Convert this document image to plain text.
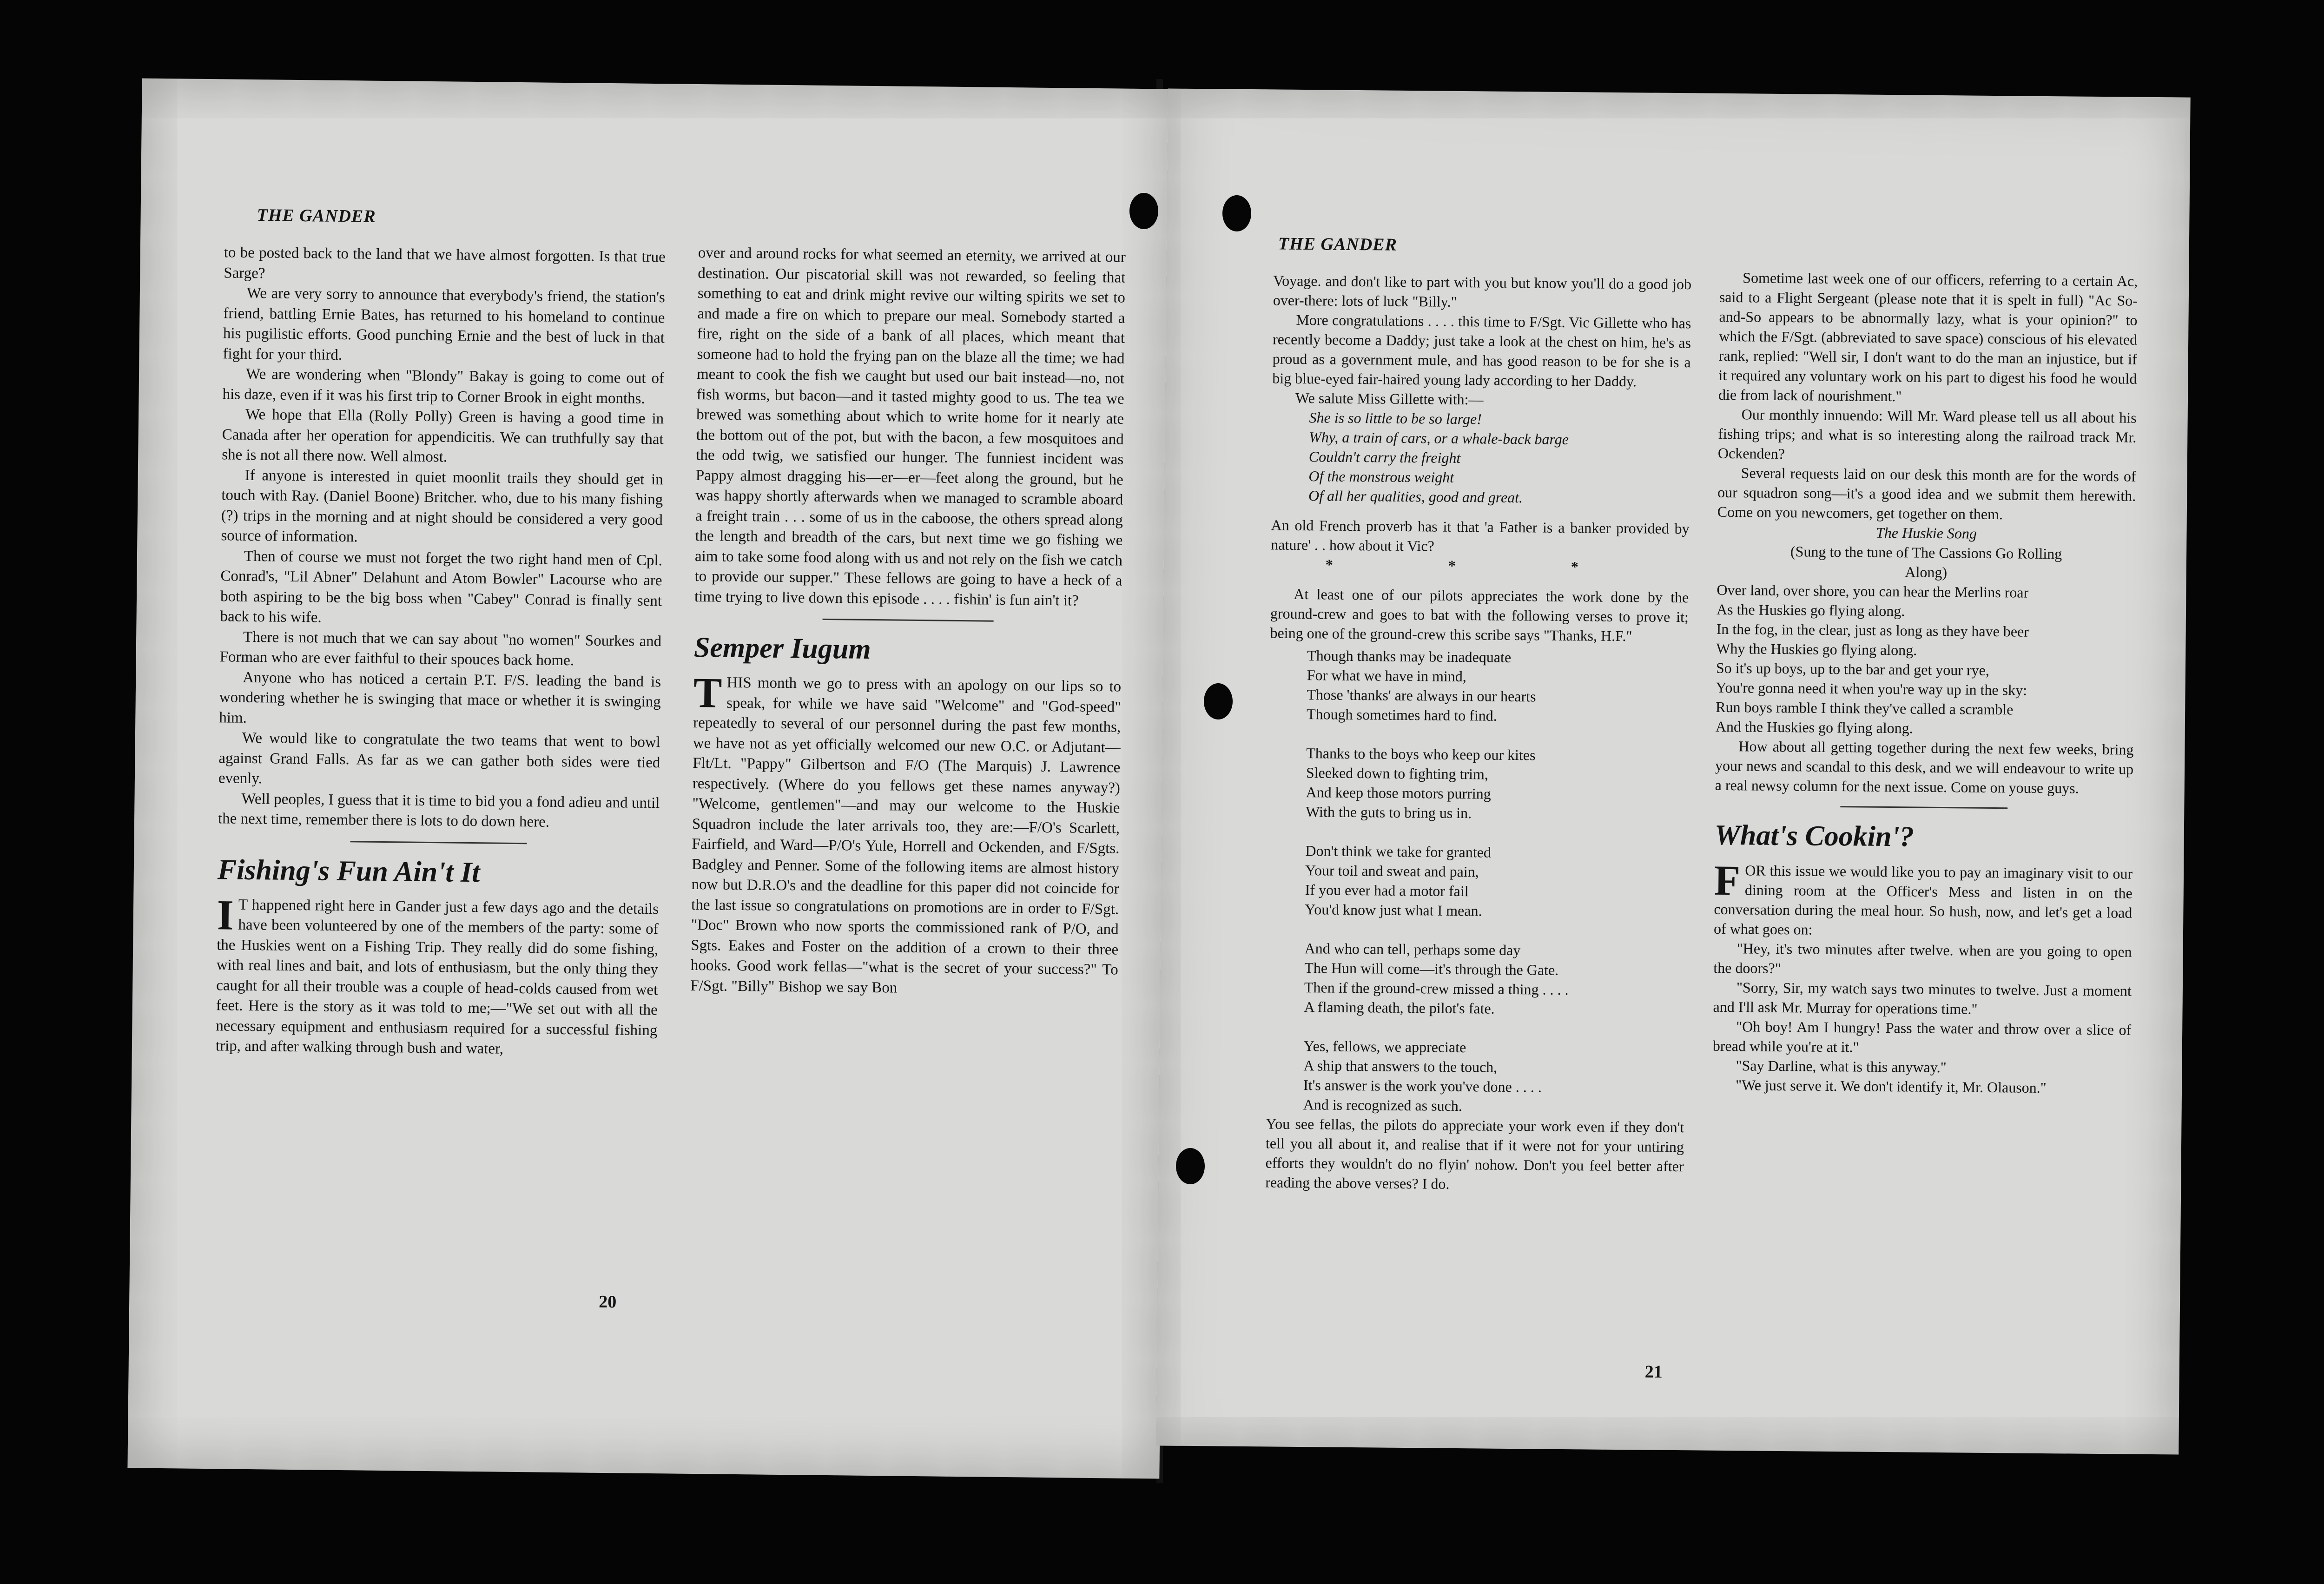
THE GANDER

to be posted back to the land that we have almost forgotten. Is that true Sarge?

We are very sorry to announce that everybody's friend, the station's friend, battling Ernie Bates, has returned to his homeland to continue his pugilistic efforts. Good punching Ernie and the best of luck in that fight for your third.

We are wondering when "Blondy" Bakay is going to come out of his daze, even if it was his first trip to Corner Brook in eight months.

We hope that Ella (Rolly Polly) Green is having a good time in Canada after her operation for appendicitis. We can truthfully say that she is not all there now. Well almost.

If anyone is interested in quiet moonlit trails they should get in touch with Ray. (Daniel Boone) Britcher. who, due to his many fishing (?) trips in the morning and at night should be considered a very good source of information.

Then of course we must not forget the two right hand men of Cpl. Conrad's, "Lil Abner" Delahunt and Atom Bowler" Lacourse who are both aspiring to be the big boss when "Cabey" Conrad is finally sent back to his wife.

There is not much that we can say about "no women" Sourkes and Forman who are ever faithful to their spouces back home.

Anyone who has noticed a certain P.T. F/S. leading the band is wondering whether he is swinging that mace or whether it is swinging him.

We would like to congratulate the two teams that went to bowl against Grand Falls. As far as we can gather both sides were tied evenly.

Well peoples, I guess that it is time to bid you a fond adieu and until the next time, remember there is lots to do down here.

Fishing's Fun Ain't It

I T happened right here in Gander just a few days ago and the details have been volunteered by one of the members of the party: some of the Huskies went on a Fishing Trip. They really did do some fishing, with real lines and bait, and lots of enthusiasm, but the only thing they caught for all their trouble was a couple of head-colds caused from wet feet. Here is the story as it was told to me;—"We set out with all the necessary equipment and enthusiasm required for a successful fishing trip, and after walking through bush and water,

over and around rocks for what seemed an eternity, we arrived at our destination. Our piscatorial skill was not rewarded, so feeling that something to eat and drink might revive our wilting spirits we set to and made a fire on which to prepare our meal. Somebody started a fire, right on the side of a bank of all places, which meant that someone had to hold the frying pan on the blaze all the time; we had meant to cook the fish we caught but used our bait instead—no, not fish worms, but bacon—and it tasted mighty good to us. The tea we brewed was something about which to write home for it nearly ate the bottom out of the pot, but with the bacon, a few mosquitoes and the odd twig, we satisfied our hunger. The funniest incident was Pappy almost dragging his—er—er—feet along the ground, but he was happy shortly afterwards when we managed to scramble aboard a freight train . . . some of us in the caboose, the others spread along the length and breadth of the cars, but next time we go fishing we aim to take some food along with us and not rely on the fish we catch to provide our supper." These fellows are going to have a heck of a time trying to live down this episode . . . . fishin' is fun ain't it?

Semper Iugum

THIS month we go to press with an apology on our lips so to speak, for while we have said "Welcome" and "God-speed" repeatedly to several of our personnel during the past few months, we have not as yet officially welcomed our new O.C. or Adjutant—Flt/Lt. "Pappy" Gilbertson and F/O (The Marquis) J. Lawrence respectively. (Where do you fellows get these names anyway?) "Welcome, gentlemen"—and may our welcome to the Huskie Squadron include the later arrivals too, they are:—F/O's Scarlett, Fairfield, and Ward—P/O's Yule, Horrell and Ockenden, and F/Sgts. Badgley and Penner. Some of the following items are almost history now but D.R.O's and the deadline for this paper did not coincide for the last issue so congratulations on promotions are in order to F/Sgt. "Doc" Brown who now sports the commissioned rank of P/O, and Sgts. Eakes and Foster on the addition of a crown to their three hooks. Good work fellas—"what is the secret of your success?" To F/Sgt. "Billy" Bishop we say Bon

20
THE GANDER

Voyage. and don't like to part with you but know you'll do a good job over-there: lots of luck "Billy."

More congratulations . . . . this time to F/Sgt. Vic Gillette who has recently become a Daddy; just take a look at the chest on him, he's as proud as a government mule, and has good reason to be for she is a big blue-eyed fair-haired young lady according to her Daddy.

We salute Miss Gillette with:—

She is so little to be so large!
Why, a train of cars, or a whale-back barge
Couldn't carry the freight
Of the monstrous weight
Of all her qualities, good and great.

An old French proverb has it that 'a Father is a banker provided by nature' . . how about it Vic?

* * *

At least one of our pilots appreciates the work done by the ground-crew and goes to bat with the following verses to prove it; being one of the ground-crew this scribe says "Thanks, H.F."

Though thanks may be inadequate
For what we have in mind,
Those 'thanks' are always in our hearts
Though sometimes hard to find.
Thanks to the boys who keep our kites
Sleeked down to fighting trim,
And keep those motors purring
With the guts to bring us in.
Don't think we take for granted
Your toil and sweat and pain,
If you ever had a motor fail
You'd know just what I mean.
And who can tell, perhaps some day
The Hun will come—it's through the Gate.
Then if the ground-crew missed a thing . . . .
A flaming death, the pilot's fate.
Yes, fellows, we appreciate
A ship that answers to the touch,
It's answer is the work you've done . . . .
And is recognized as such.

You see fellas, the pilots do appreciate your work even if they don't tell you all about it, and realise that if it were not for your untiring efforts they wouldn't do no flyin' nohow. Don't you feel better after reading the above verses? I do.

Sometime last week one of our officers, referring to a certain Ac, said to a Flight Sergeant (please note that it is spelt in full) "Ac So-and-So appears to be abnormally lazy, what is your opinion?" to which the F/Sgt. (abbreviated to save space) conscious of his elevated rank, replied: "Well sir, I don't want to do the man an injustice, but if it required any voluntary work on his part to digest his food he would die from lack of nourishment."

Our monthly innuendo: Will Mr. Ward please tell us all about his fishing trips; and what is so interesting along the railroad track Mr. Ockenden?

Several requests laid on our desk this month are for the words of our squadron song—it's a good idea and we submit them herewith. Come on you newcomers, get together on them.

The Huskie Song
(Sung to the tune of The Cassions Go Rolling Along)
Over land, over shore, you can hear the Merlins roar
As the Huskies go flying along.
In the fog, in the clear, just as long as they have beer
Why the Huskies go flying along.
So it's up boys, up to the bar and get your rye,
You're gonna need it when you're way up in the sky:
Run boys ramble I think they've called a scramble
And the Huskies go flying along.

How about all getting together during the next few weeks, bring your news and scandal to this desk, and we will endeavour to write up a real newsy column for the next issue. Come on youse guys.

What's Cookin'?

FOR this issue we would like you to pay an imaginary visit to our dining room at the Officer's Mess and listen in on the conversation during the meal hour. So hush, now, and let's get a load of what goes on:

"Hey, it's two minutes after twelve. when are you going to open the doors?"

"Sorry, Sir, my watch says two minutes to twelve. Just a moment and I'll ask Mr. Murray for operations time."

"Oh boy! Am I hungry! Pass the water and throw over a slice of bread while you're at it."

"Say Darline, what is this anyway."

"We just serve it. We don't identify it, Mr. Olauson."

21
